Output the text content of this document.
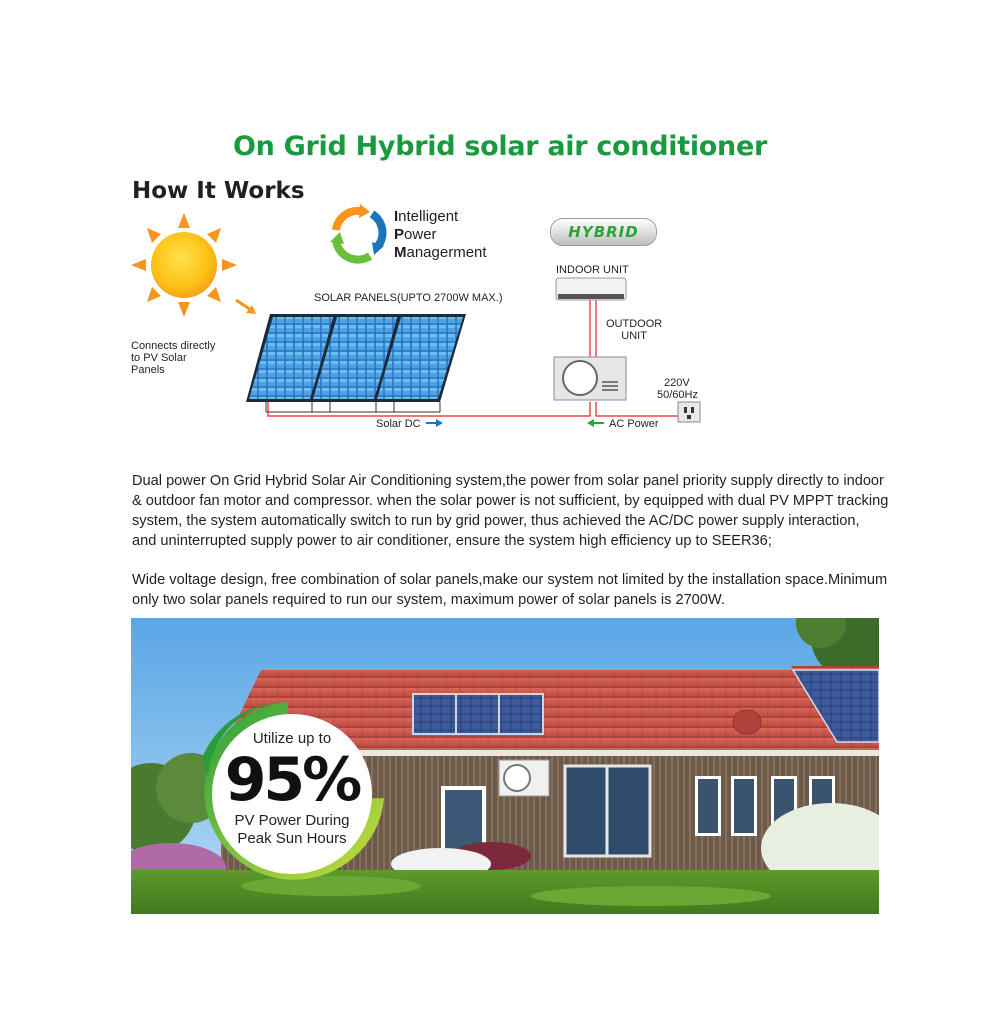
On Grid Hybrid solar air conditioner
How It Works
Connects directly
to PV Solar
Panels
Intelligent
Power
Managerment
HYBRID
SOLAR PANELS(UPTO 2700W MAX.)
INDOOR UNIT
OUTDOOR
UNIT
220V
50/60Hz
Solar DC	AC Power
Dual power On Grid Hybrid Solar Air Conditioning system,the power from solar panel priority supply directly to indoor
& outdoor fan motor and compressor. when the solar power is not sufficient, by equipped with dual PV MPPT tracking
system, the system automatically switch to run by grid power, thus achieved the AC/DC power supply interaction,
and uninterrupted supply power to air conditioner, ensure the system high efficiency up to SEER36;
Wide voltage design, free combination of solar panels,make our system not limited by the installation space.Minimum
only two solar panels required to run our system, maximum power of solar panels is 2700W.
Utilize up to
95%
PV Power During
Peak Sun Hours
